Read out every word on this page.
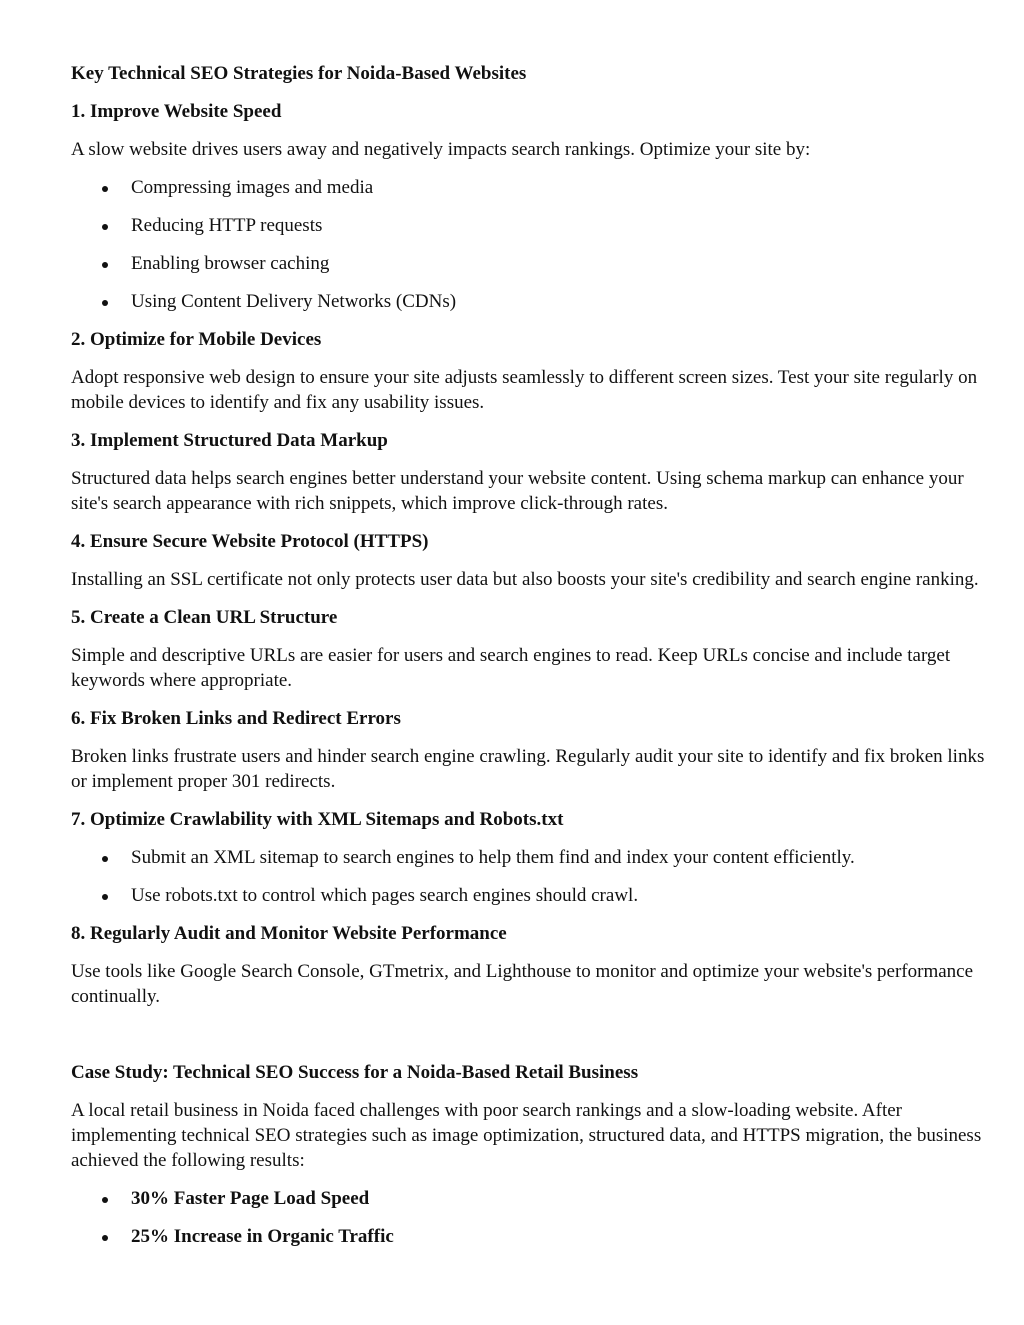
Key Technical SEO Strategies for Noida-Based Websites
1. Improve Website Speed
A slow website drives users away and negatively impacts search rankings. Optimize your site by:
Compressing images and media
Reducing HTTP requests
Enabling browser caching
Using Content Delivery Networks (CDNs)
2. Optimize for Mobile Devices
Adopt responsive web design to ensure your site adjusts seamlessly to different screen sizes. Test your site regularly on mobile devices to identify and fix any usability issues.
3. Implement Structured Data Markup
Structured data helps search engines better understand your website content. Using schema markup can enhance your site's search appearance with rich snippets, which improve click-through rates.
4. Ensure Secure Website Protocol (HTTPS)
Installing an SSL certificate not only protects user data but also boosts your site's credibility and search engine ranking.
5. Create a Clean URL Structure
Simple and descriptive URLs are easier for users and search engines to read. Keep URLs concise and include target keywords where appropriate.
6. Fix Broken Links and Redirect Errors
Broken links frustrate users and hinder search engine crawling. Regularly audit your site to identify and fix broken links or implement proper 301 redirects.
7. Optimize Crawlability with XML Sitemaps and Robots.txt
Submit an XML sitemap to search engines to help them find and index your content efficiently.
Use robots.txt to control which pages search engines should crawl.
8. Regularly Audit and Monitor Website Performance
Use tools like Google Search Console, GTmetrix, and Lighthouse to monitor and optimize your website's performance continually.
Case Study: Technical SEO Success for a Noida-Based Retail Business
A local retail business in Noida faced challenges with poor search rankings and a slow-loading website. After implementing technical SEO strategies such as image optimization, structured data, and HTTPS migration, the business achieved the following results:
30% Faster Page Load Speed
25% Increase in Organic Traffic
